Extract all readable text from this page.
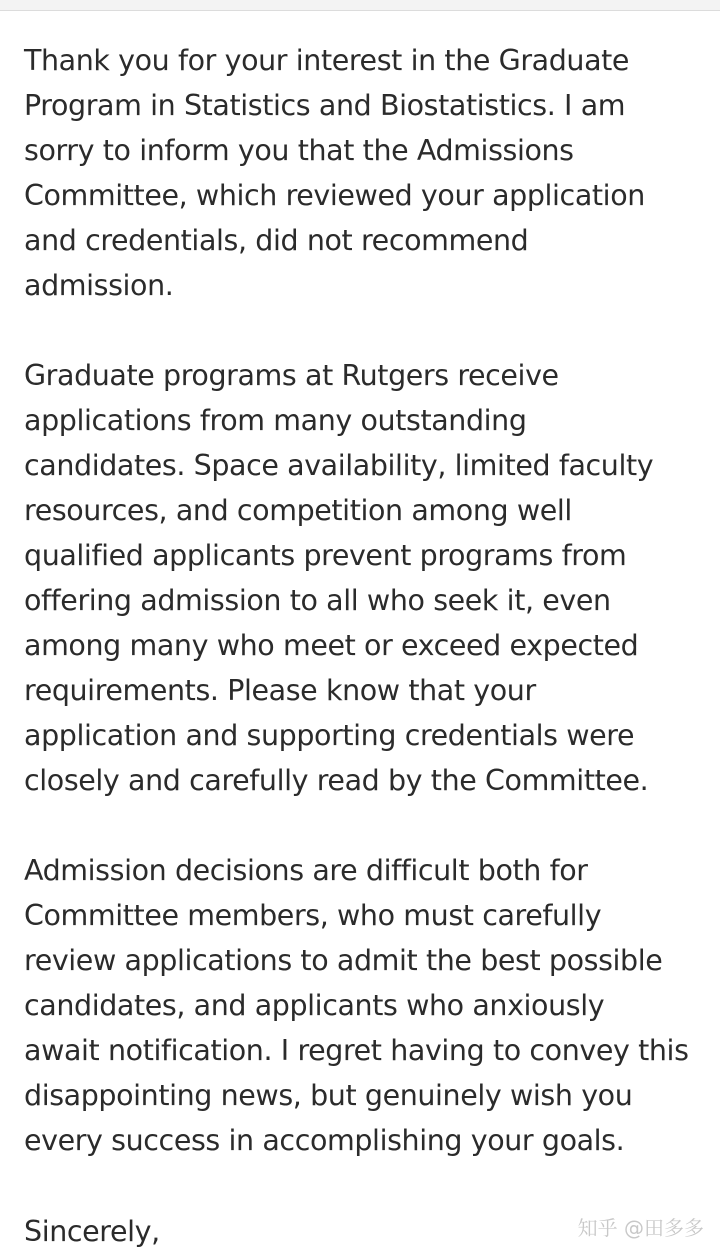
Thank you for your interest in the Graduate
Program in Statistics and Biostatistics. I am
sorry to inform you that the Admissions
Committee, which reviewed your application
and credentials, did not recommend
admission.

Graduate programs at Rutgers receive
applications from many outstanding
candidates. Space availability, limited faculty
resources, and competition among well
qualified applicants prevent programs from
offering admission to all who seek it, even
among many who meet or exceed expected
requirements. Please know that your
application and supporting credentials were
closely and carefully read by the Committee.

Admission decisions are difficult both for
Committee members, who must carefully
review applications to admit the best possible
candidates, and applicants who anxiously
await notification. I regret having to convey this
disappointing news, but genuinely wish you
every success in accomplishing your goals.

Sincerely,	知乎 @田多多
